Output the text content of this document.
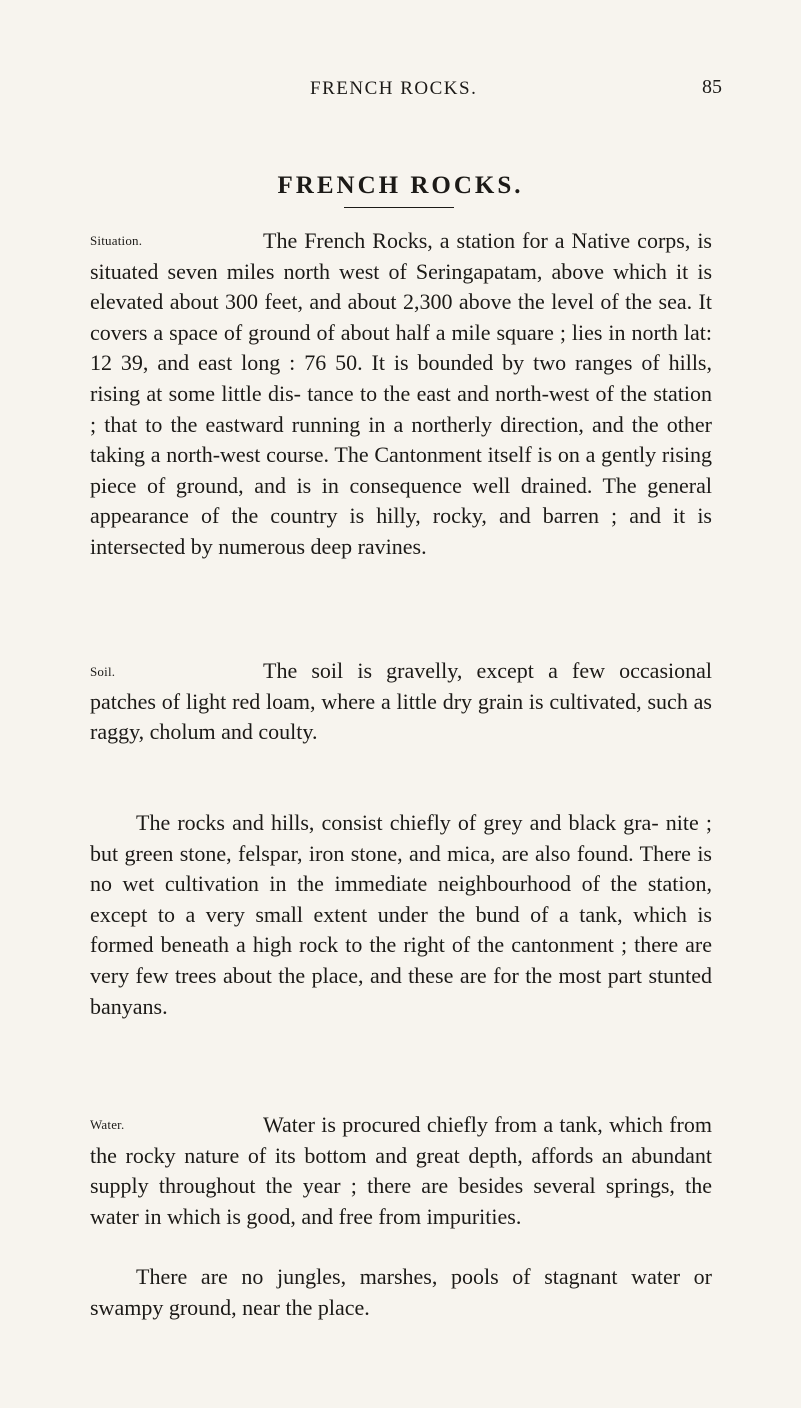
FRENCH ROCKS.	85
FRENCH ROCKS.
Situation.	The French Rocks, a station for a Native corps, is situated seven miles north west of Seringapatam, above which it is elevated about 300 feet, and about 2,300 above the level of the sea. It covers a space of ground of about half a mile square ; lies in north lat: 12 39, and east long : 76 50. It is bounded by two ranges of hills, rising at some little dis- tance to the east and north-west of the station ; that to the eastward running in a northerly direction, and the other taking a north-west course. The Cantonment itself is on a gently rising piece of ground, and is in consequence well drained. The general appearance of the country is hilly, rocky, and barren ; and it is intersected by numerous deep ravines.

Soil.	The soil is gravelly, except a few occasional patches of light red loam, where a little dry grain is cultivated, such as raggy, cholum and coulty.

The rocks and hills, consist chiefly of grey and black gra- nite ; but green stone, felspar, iron stone, and mica, are also found. There is no wet cultivation in the immediate neighbourhood of the station, except to a very small extent under the bund of a tank, which is formed beneath a high rock to the right of the cantonment ; there are very few trees about the place, and these are for the most part stunted banyans.

Water.	Water is procured chiefly from a tank, which from the rocky nature of its bottom and great depth, affords an abundant supply throughout the year ; there are besides several springs, the water in which is good, and free from impurities.

There are no jungles, marshes, pools of stagnant water or swampy ground, near the place.
